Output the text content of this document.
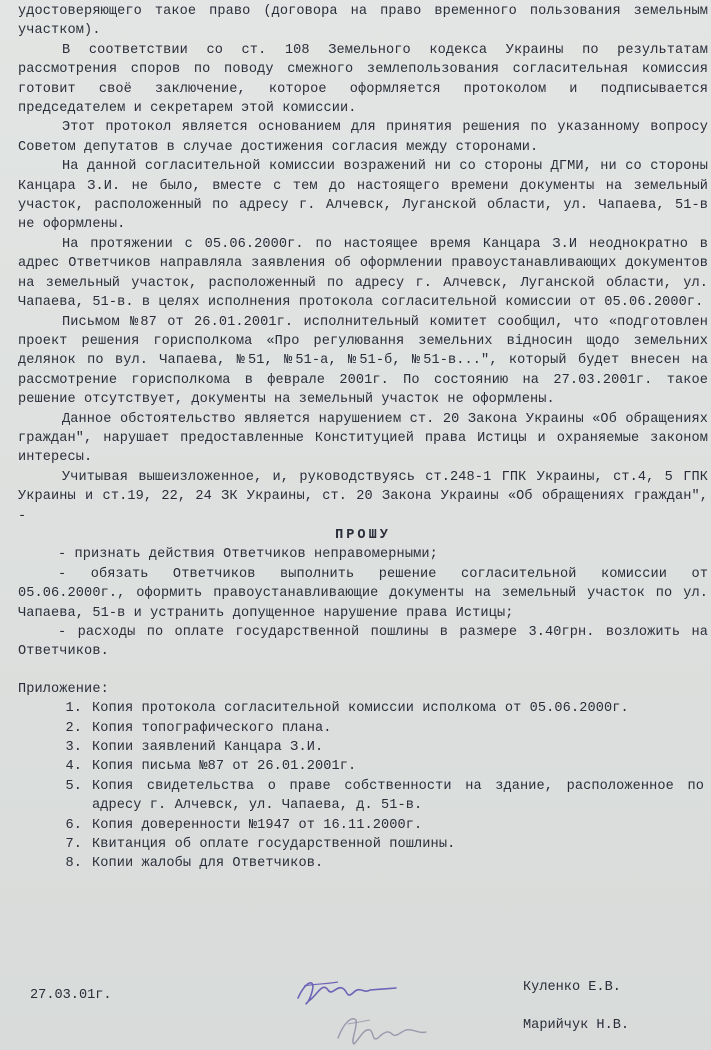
удостоверяющего такое право (договора на право временного пользования земельным участком).

В соответствии со ст. 108 Земельного кодекса Украины по результатам рассмотрения споров по поводу смежного землепользования согласительная комиссия готовит своё заключение, которое оформляется протоколом и подписывается председателем и секретарем этой комиссии.

Этот протокол является основанием для принятия решения по указанному вопросу Советом депутатов в случае достижения согласия между сторонами.

На данной согласительной комиссии возражений ни со стороны ДГМИ, ни со стороны Канцара З.И. не было, вместе с тем до настоящего времени документы на земельный участок, расположенный по адресу г. Алчевск, Луганской области, ул. Чапаева, 51-в не оформлены.

На протяжении с 05.06.2000г. по настоящее время Канцара З.И неоднократно в адрес Ответчиков направляла заявления об оформлении правоустанавливающих документов на земельный участок, расположенный по адресу г. Алчевск, Луганской области, ул. Чапаева, 51-в. в целях исполнения протокола согласительной комиссии от 05.06.2000г.

Письмом №87 от 26.01.2001г. исполнительный комитет сообщил, что «подготовлен проект решения горисполкома «Про регулювання земельних відносин щодо земельних делянок по вул. Чапаева, №51, №51-а, №51-б, №51-в...", который будет внесен на рассмотрение горисполкома в феврале 2001г. По состоянию на 27.03.2001г. такое решение отсутствует, документы на земельный участок не оформлены.

Данное обстоятельство является нарушением ст. 20 Закона Украины «Об обращениях граждан", нарушает предоставленные Конституцией права Истицы и охраняемые законом интересы.

Учитывая вышеизложенное, и, руководствуясь ст.248-1 ГПК Украины, ст.4, 5 ГПК Украины и ст.19, 22, 24 ЗК Украины, ст. 20 Закона Украины «Об обращениях граждан", -

ПРОШУ

- признать действия Ответчиков неправомерными;

- обязать Ответчиков выполнить решение согласительной комиссии от 05.06.2000г., оформить правоустанавливающие документы на земельный участок по ул. Чапаева, 51-в и устранить допущенное нарушение права Истицы;

- расходы по оплате государственной пошлины в размере 3.40грн. возложить на Ответчиков.

Приложение:

1. Копия протокола согласительной комиссии исполкома от 05.06.2000г.
2. Копия топографического плана.
3. Копии заявлений Канцара З.И.
4. Копия письма №87 от 26.01.2001г.
5. Копия свидетельства о праве собственности на здание, расположенное по адресу г. Алчевск, ул. Чапаева, д. 51-в.
6. Копия доверенности №1947 от 16.11.2000г.
7. Квитанция об оплате государственной пошлины.
8. Копии жалобы для Ответчиков.
27.03.01г.
Куленко Е.В.
Марийчук Н.В.
